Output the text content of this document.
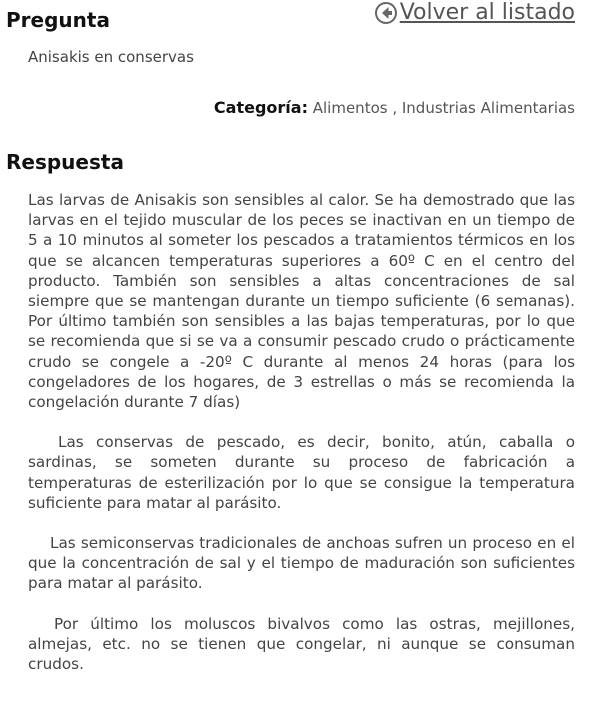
Pregunta	Volver al listado
Anisakis en conservas
Categoría: Alimentos , Industrias Alimentarias
Respuesta

Las larvas de Anisakis son sensibles al calor. Se ha demostrado que las larvas en el tejido muscular de los peces se inactivan en un tiempo de 5 a 10 minutos al someter los pescados a tratamientos térmicos en los que se alcancen temperaturas superiores a 60º C en el centro del producto. También son sensibles a altas concentraciones de sal siempre que se mantengan durante un tiempo suficiente (6 semanas). Por último también son sensibles a las bajas temperaturas, por lo que se recomienda que si se va a consumir pescado crudo o prácticamente crudo se congele a -20º C durante al menos 24 horas (para los congeladores de los hogares, de 3 estrellas o más se recomienda la congelación durante 7 días)

Las conservas de pescado, es decir, bonito, atún, caballa o sardinas, se someten durante su proceso de fabricación a temperaturas de esterilización por lo que se consigue la temperatura suficiente para matar al parásito.

Las semiconservas tradicionales de anchoas sufren un proceso en el que la concentración de sal y el tiempo de maduración son suficientes para matar al parásito.

Por último los moluscos bivalvos como las ostras, mejillones, almejas, etc. no se tienen que congelar, ni aunque se consuman crudos.
